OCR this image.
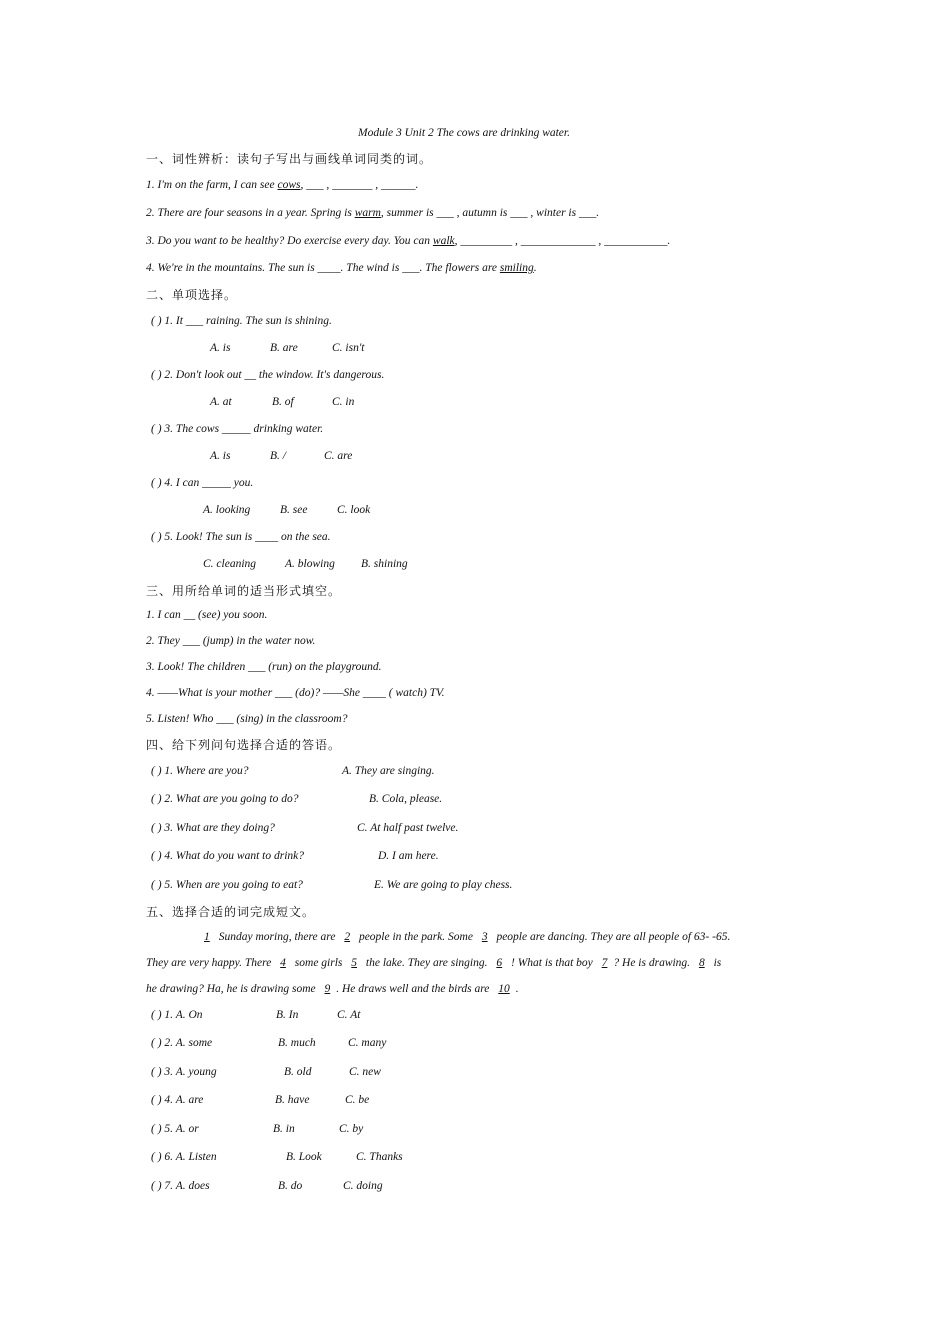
Module 3 Unit 2 The cows are drinking water.
一、词性辨析：读句子写出与画线单词同类的词。
1. I'm on the farm, I can see cows, ___ , _______ , ______.
2. There are four seasons in a year. Spring is warm, summer is ___ , autumn is ___ , winter is ___.
3. Do you want to be healthy? Do exercise every day. You can walk, _________ , _____________ , ___________.
4. We're in the mountains. The sun is ____. The wind is ___. The flowers are smiling.
二、单项选择。
( ) 1. It ___ raining. The sun is shining.
A. is	B. are	C. isn't
( ) 2. Don't look out __ the window. It's dangerous.
A. at	B. of	C. in
( ) 3. The cows _____ drinking water.
A. is	B. /	C. are
( ) 4. I can _____ you.
A. looking	B. see	C. look
( ) 5. Look! The sun is ____ on the sea.
C. cleaning	A. blowing B. shining
三、用所给单词的适当形式填空。
1. I can __ (see) you soon.
2. They ___ (jump) in the water now.
3. Look! The children ___ (run) on the playground.
4. ——What is your mother ___ (do)? ——She ____ ( watch) TV.
5. Listen! Who ___ (sing) in the classroom?
四、给下列问句选择合适的答语。
( ) 1. Where are you?	A. They are singing.
( ) 2. What are you going to do?	B. Cola, please.
( ) 3. What are they doing?	C. At half past twelve.
( ) 4. What do you want to drink?	D. I am here.
( ) 5. When are you going to eat?	E. We are going to play chess.
五、选择合适的词完成短文。
1 Sunday moring, there are 2 people in the park. Some 3 people are dancing. They are all people of 63- -65.
They are very happy. There 4 some girls 5 the lake. They are singing. 6 ! What is that boy 7 ? He is drawing. 8 is
he drawing? Ha, he is drawing some 9 . He draws well and the birds are 10 .
( ) 1. A. On	B. In	C. At
( ) 2. A. some	B. much	C. many
( ) 3. A. young	B. old	C. new
( ) 4. A. are	B. have	C. be
( ) 5. A. or	B. in	C. by
( ) 6. A. Listen	B. Look	C. Thanks
( ) 7. A. does	B. do	C. doing
